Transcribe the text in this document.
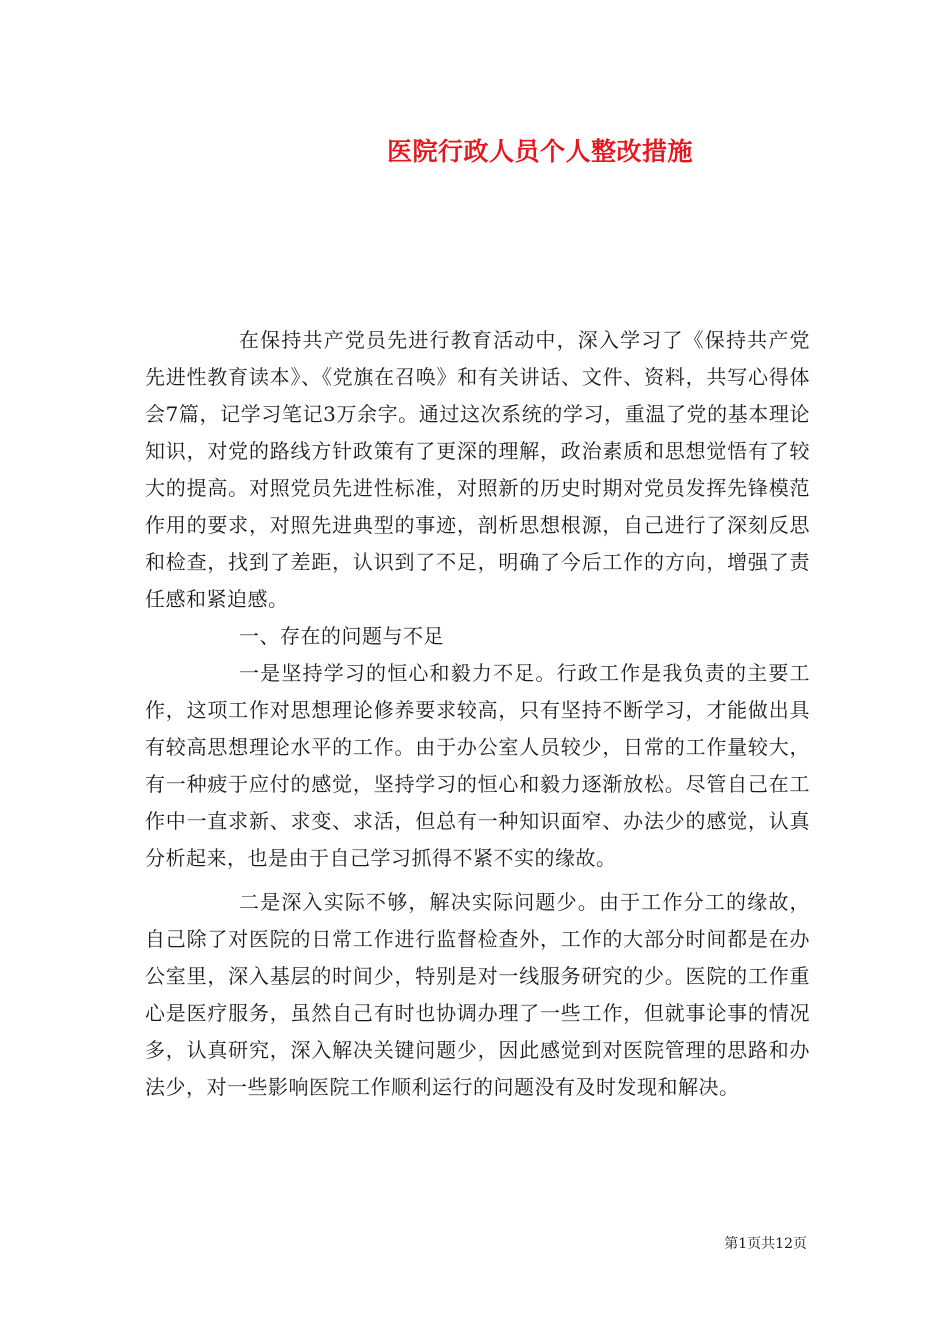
医院行政人员个人整改措施

在保持共产党员先进行教育活动中，深入学习了《保持共产党先进性教育读本》、《党旗在召唤》和有关讲话、文件、资料，共写心得体会7篇，记学习笔记3万余字。通过这次系统的学习，重温了党的基本理论知识，对党的路线方针政策有了更深的理解，政治素质和思想觉悟有了较大的提高。对照党员先进性标准，对照新的历史时期对党员发挥先锋模范作用的要求，对照先进典型的事迹，剖析思想根源，自己进行了深刻反思和检查，找到了差距，认识到了不足，明确了今后工作的方向，增强了责任感和紧迫感。

一、存在的问题与不足

一是坚持学习的恒心和毅力不足。行政工作是我负责的主要工作，这项工作对思想理论修养要求较高，只有坚持不断学习，才能做出具有较高思想理论水平的工作。由于办公室人员较少，日常的工作量较大，有一种疲于应付的感觉，坚持学习的恒心和毅力逐渐放松。尽管自己在工作中一直求新、求变、求活，但总有一种知识面窄、办法少的感觉，认真分析起来，也是由于自己学习抓得不紧不实的缘故。

二是深入实际不够，解决实际问题少。由于工作分工的缘故，自己除了对医院的日常工作进行监督检查外，工作的大部分时间都是在办公室里，深入基层的时间少，特别是对一线服务研究的少。医院的工作重心是医疗服务，虽然自己有时也协调办理了一些工作，但就事论事的情况多，认真研究，深入解决关键问题少，因此感觉到对医院管理的思路和办法少，对一些影响医院工作顺利运行的问题没有及时发现和解决。

第1页共12页
